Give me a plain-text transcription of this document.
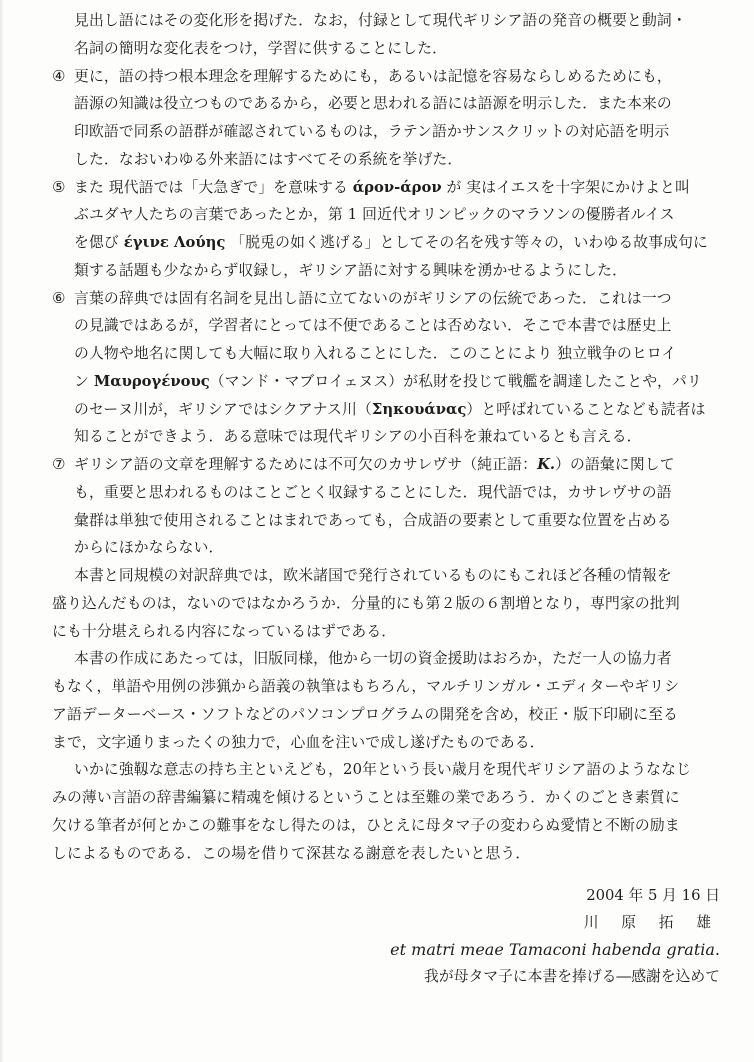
見出し語にはその変化形を掲げた．なお，付録として現代ギリシア語の発音の概要と動詞・
名詞の簡明な変化表をつけ，学習に供することにした．
④ 更に，語の持つ根本理念を理解するためにも，あるいは記憶を容易ならしめるためにも，
語源の知識は役立つものであるから，必要と思われる語には語源を明示した．また本来の
印欧語で同系の語群が確認されているものは，ラテン語かサンスクリットの対応語を明示
した．なおいわゆる外来語にはすべてその系統を挙げた．
⑤ また 現代語では「大急ぎで」を意味する άρον-άρον が 実はイエスを十字架にかけよと叫
ぶユダヤ人たちの言葉であったとか，第 1 回近代オリンピックのマラソンの優勝者ルイス
を偲び έγινε Λούης 「脱兎の如く逃げる」としてその名を残す等々の，いわゆる故事成句に
類する話題も少なからず収録し，ギリシア語に対する興味を湧かせるようにした．
⑥ 言葉の辞典では固有名詞を見出し語に立てないのがギリシアの伝統であった．これは一つ
の見識ではあるが，学習者にとっては不便であることは否めない．そこで本書では歴史上
の人物や地名に関しても大幅に取り入れることにした．このことにより 独立戦争のヒロイ
ン Μαυρογένους（マンド・マブロイェヌス）が私財を投じて戦艦を調達したことや，パリ
のセーヌ川が，ギリシアではシクアナス川（Σηκουάνας）と呼ばれていることなども読者は
知ることができよう．ある意味では現代ギリシアの小百科を兼ねているとも言える．
⑦ ギリシア語の文章を理解するためには不可欠のカサレヴサ（純正語：K.）の語彙に関して
も，重要と思われるものはことごとく収録することにした．現代語では，カサレヴサの語
彙群は単独で使用されることはまれであっても，合成語の要素として重要な位置を占める
からにほかならない．
本書と同規模の対訳辞典では，欧米諸国で発行されているものにもこれほど各種の情報を
盛り込んだものは，ないのではなかろうか．分量的にも第２版の６割増となり，専門家の批判
にも十分堪えられる内容になっているはずである．
本書の作成にあたっては，旧版同様，他から一切の資金援助はおろか，ただ一人の協力者
もなく，単語や用例の渉猟から語義の執筆はもちろん，マルチリンガル・エディターやギリシ
ア語データーベース・ソフトなどのパソコンプログラムの開発を含め，校正・版下印刷に至る
まで，文字通りまったくの独力で，心血を注いで成し遂げたものである．
いかに強靱な意志の持ち主といえども，20年という長い歳月を現代ギリシア語のようななじ
みの薄い言語の辞書編纂に精魂を傾けるということは至難の業であろう．かくのごとき素質に
欠ける筆者が何とかこの難事をなし得たのは，ひとえに母タマ子の変わらぬ愛情と不断の励ま
しによるものである．この場を借りて深甚なる謝意を表したいと思う．
2004 年 5 月 16 日
川 原 拓 雄
et matri meae Tamaconi habenda gratia.
我が母タマ子に本書を捧げる―感謝を込めて
